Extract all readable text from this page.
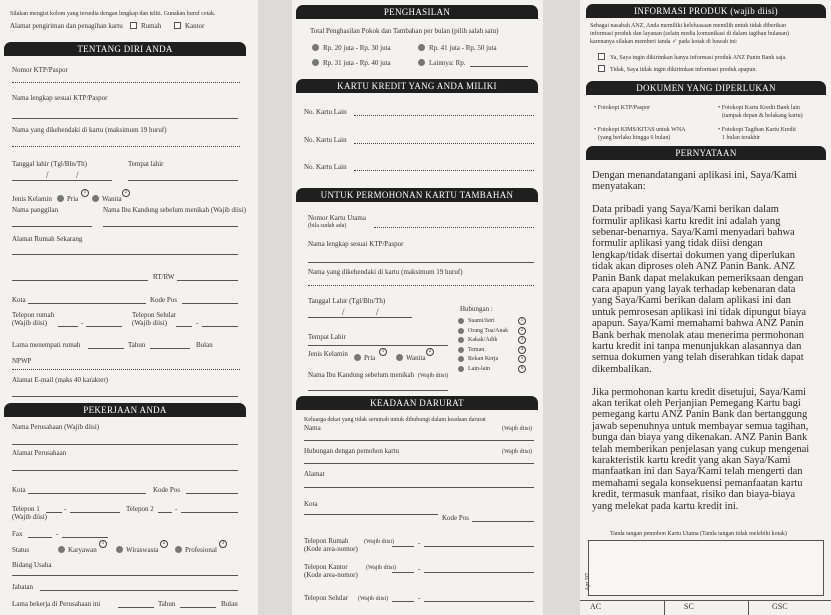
Silakan mengisi kolom yang tersedia dengan lengkap dan teliti. Gunakan huruf cetak.
Alamat pengiriman dan penagihan kartu	Rumah	Kantor
TENTANG DIRI ANDA
Nomor KTP/Paspor
Nama lengkap sesuai KTP/Paspor
Nama yang dikehendaki di kartu (maksimum 19 huruf)
Tanggal lahir (Tgl/Bln/Th)	Tempat lahir
/	/
Jenis Kelamin Pria
1
Wanita
2
Nama panggilan	Nama Ibu Kandung sebelum menikah (Wajib diisi)
Alamat Rumah Sekarang
RT/RW
Kota	Kode Pos
Telepon rumah
(Wajib diisi)	-
Telepon Selular
(Wajib diisi)	-
Lama menempati rumah	Tahun	Bulan
NPWP
Alamat E-mail (maks 40 karakter)
PEKERJAAN ANDA
Nama Perusahaan (Wajib diisi)
Alamat Perusahaan
Kota	Kode Pos
Telepon 1
(Wajib diisi)
-	Telepon 2	-
Fax	-
Status	Karyawan
1
Wiraswasta
2
Profesional
3
Bidang Usaha
Jabatan
Lama bekerja di Perusahaan ini	Tahun	Bulan
PENGHASILAN
Total Penghasilan Pokok dan Tambahan per bulan (pilih salah satu)
Rp. 20 juta - Rp. 30 juta	Rp. 41 juta - Rp. 50 juta
Rp. 31 juta - Rp. 40 juta	Lainnya: Rp.
KARTU KREDIT YANG ANDA MILIKI
No. Kartu Lain
No. Kartu Lain
No. Kartu Lain
UNTUK PERMOHONAN KARTU TAMBAHAN
Nomor Kartu Utama
(bila sudah ada)
Nama lengkap sesuai KTP/Paspor
Nama yang dikehendaki di kartu (maksimum 19 huruf)
Tanggal Lahir (Tgl/Bln/Th)
/	/	Hubungan :
Suami/Istri	1
Orang Tua/Anak	2
Kakak/Adik	3
Teman	4
Rekan Kerja	5
Lain-lain	6
Tempat Lahir
Jenis Kelamin Pria
1
Wanita
2
Nama Ibu Kandung sebelum menikah (Wajib diisi)
KEADAAN DARURAT
Keluarga dekat yang tidak serumah untuk dihubungi dalam keadaan darurat
Nama	(Wajib diisi)
Hubungan dengan pemohon kartu	(Wajib diisi)
Alamat
Kota
Kode Pos
Telepon Rumah	(Wajib diisi)
(Kode area-nomor)
-
Telepon Kantor	(Wajib diisi)
(Kode area-nomor)
-
Telepon Selular (Wajib diisi)	-
INFORMASI PRODUK (wajib diisi)
Sebagai nasabah ANZ, Anda memiliki keleluasaan memilih untuk tidak diberikan
informasi produk dan layanan (selain media komunikasi di dalam tagihan bulanan)
karenanya silakan memberi tanda ✓ pada kotak di bawah ini:
Ya, Saya ingin dikirimkan hanya informasi produk ANZ Panin Bank saja.
Tidak, Saya tidak ingin dikirimkan informasi produk apapun.
DOKUMEN YANG DIPERLUKAN
• Fotokopi KTP/Paspor	• Fotokopi Kartu Kredit Bank lain
(tampak depan & belakang kartu)
• Fotokopi KIMS/KITAS untuk WNA
(yang berlaku hingga 6 bulan)
• Fotokopi Tagihan Kartu Kredit
1 bulan terakhir
PERNYATAAN
Dengan menandatangani aplikasi ini, Saya/Kami
menyatakan:
Data pribadi yang Saya/Kami berikan dalam
formulir aplikasi kartu kredit ini adalah yang
sebenar-benarnya. Saya/Kami menyadari bahwa
formulir aplikasi yang tidak diisi dengan
lengkap/tidak disertai dokumen yang diperlukan
tidak akan diproses oleh ANZ Panin Bank. ANZ
Panin Bank dapat melakukan pemeriksaan dengan
cara apapun yang layak terhadap kebenaran data
yang Saya/Kami berikan dalam aplikasi ini dan
untuk pemrosesan aplikasi ini tidak dipungut biaya
apapun. Saya/Kami memahami bahwa ANZ Panin
Bank berhak menolak atau menerima permohonan
kartu kredit ini tanpa menunjukkan alasannya dan
semua dokumen yang telah diserahkan tidak dapat
dikembalikan.
Jika permohonan kartu kredit disetujui, Saya/Kami
akan terikat oleh Perjanjian Pemegang Kartu bagi
pemegang kartu ANZ Panin Bank dan bertanggung
jawab sepenuhnya untuk membayar semua tagihan,
bunga dan biaya yang dikenakan. ANZ Panin Bank
telah memberikan penjelasan yang cukup mengenai
karakteristik kartu kredit yang akan Saya/Kami
manfaatkan ini dan Saya/Kami telah mengerti dan
memahami segala konsekuensi pemanfaatan kartu
kredit, termasuk manfaat, risiko dan biaya-biaya
yang melekat pada kartu kredit ini.
Tanda tangan pemohon Kartu Utama (Tanda tangan tidak melebihi kotak)
Apr '07
AC	SC	GSC
